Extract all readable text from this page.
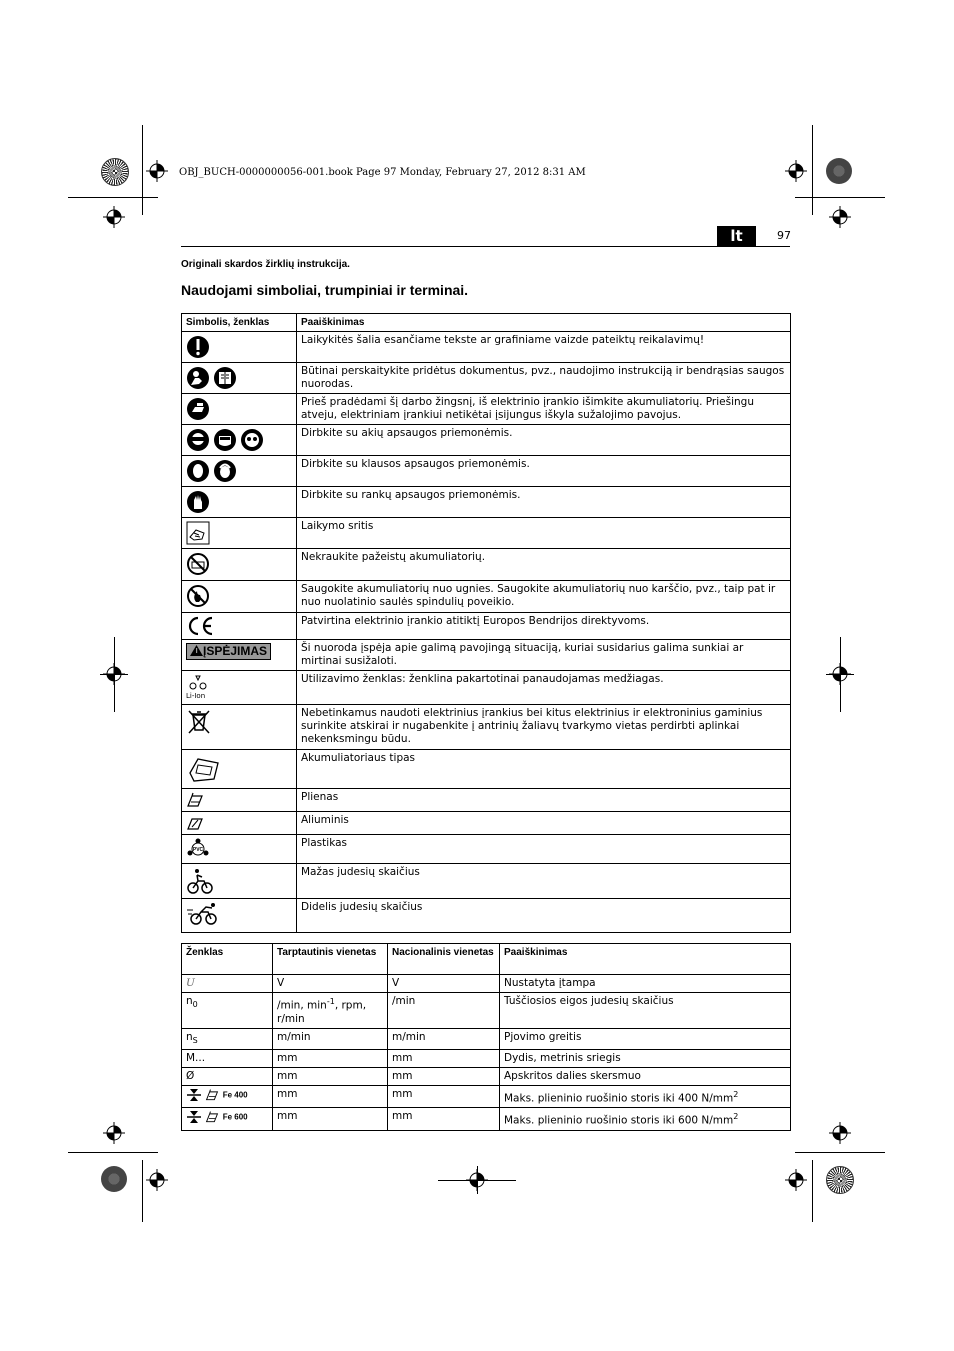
OBJ_BUCH-0000000056-001.book Page 97 Monday, February 27, 2012 8:31 AM
lt	97
Originali skardos žirklių instrukcija.
Naudojami simboliai, trumpiniai ir terminai.
Simbolis, ženklas	Paaiškinimas
	Laikykitės šalia esančiame tekste ar grafiniame vaizde pateiktų reikalavimų!
	Būtinai perskaitykite pridėtus dokumentus, pvz., naudojimo instrukciją ir bendrąsias saugos nuorodas.
	Prieš pradėdami šį darbo žingsnį, iš elektrinio įrankio išimkite akumuliatorių. Priešingu atveju, elektriniam įrankiui netikėtai įsijungus iškyla sužalojimo pavojus.
	Dirbkite su akių apsaugos priemonėmis.
	Dirbkite su klausos apsaugos priemonėmis.
	Dirbkite su rankų apsaugos priemonėmis.
	Laikymo sritis
	Nekraukite pažeistų akumuliatorių.
	Saugokite akumuliatorių nuo ugnies. Saugokite akumuliatorių nuo karščio, pvz., taip pat ir nuo nuolatinio saulės spindulių poveikio.
	Patvirtina elektrinio įrankio atitiktį Europos Bendrijos direktyvoms.
ĮSPĖJIMAS	Ši nuoroda įspėja apie galimą pavojingą situaciją, kuriai susidarius galima sunkiai ar mirtinai susižaloti.

Li-Ion	Utilizavimo ženklas: ženklina pakartotinai panaudojamas medžiagas.
	Nebetinkamus naudoti elektrinius įrankius bei kitus elektrinius ir elektroninius gaminius surinkite atskirai ir nugabenkite į antrinių žaliavų tvarkymo vietas perdirbti aplinkai nekenksmingu būdu.
	Akumuliatoriaus tipas
	Plienas
	Aliuminis

PVC	Plastikas
	Mažas judesių skaičius
	Didelis judesių skaičius
Ženklas	Tarptautinis vienetas	Nacionalinis vienetas	Paaiškinimas
U	V	V	Nustatyta įtampa
$n_0$	/min, $\min^{-1}$, rpm, r/min	/min	Tuščiosios eigos judesių skaičius
$n_S$	m/min	m/min	Pjovimo greitis
M...	mm	mm	Dydis, metrinis sriegis
Ø	mm	mm	Apskritos dalies skersmuo
Fe 400	mm	mm	Maks. plieninio ruošinio storis iki 400 $N/mm^2$
Fe 600	mm	mm	Maks. plieninio ruošinio storis iki 600 $N/mm^2$
